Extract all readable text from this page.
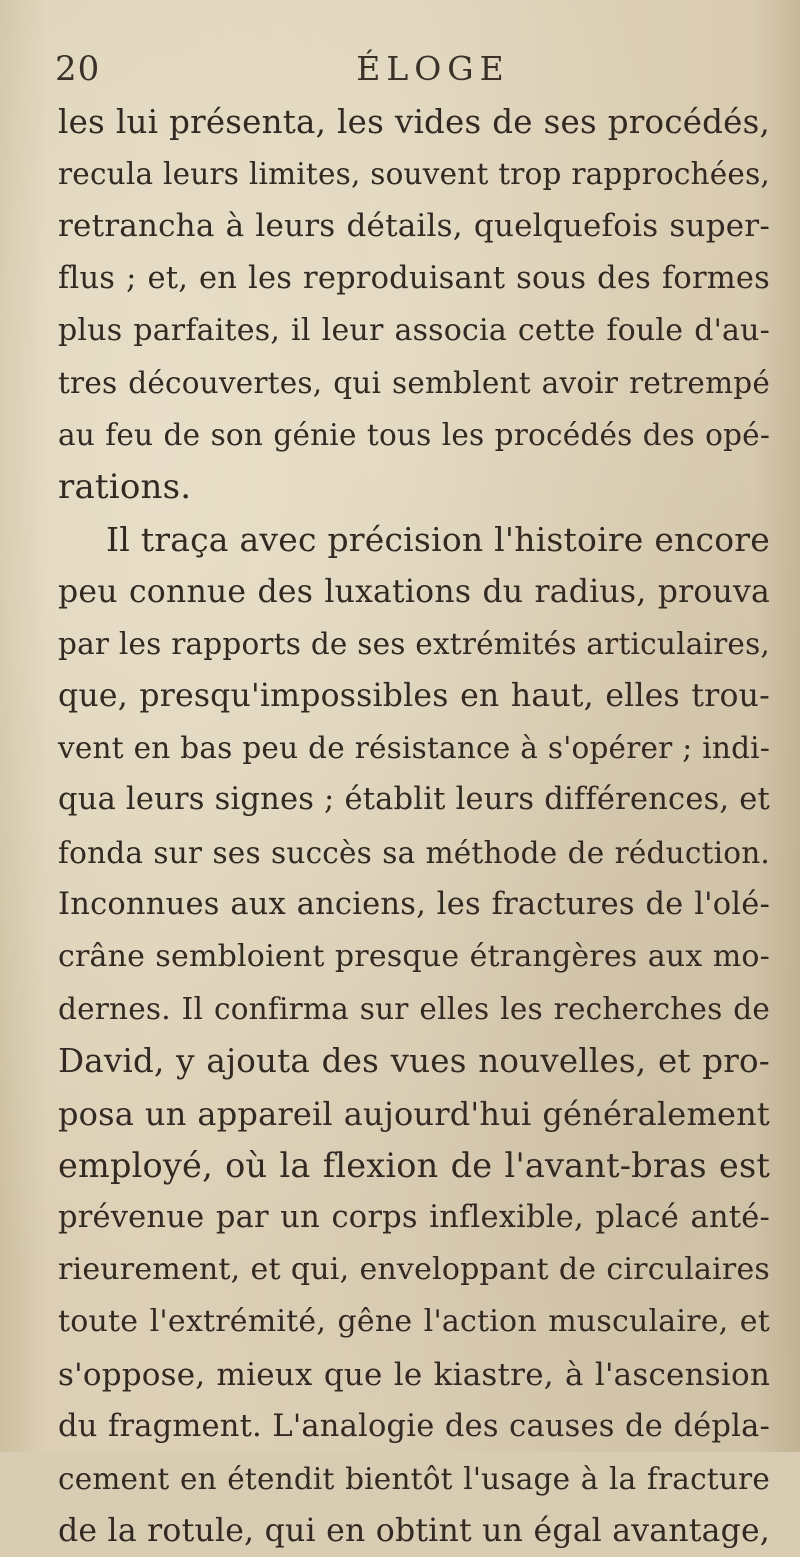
20	ÉLOGE
les lui présenta, les vides de ses procédés,
recula leurs limites, souvent trop rapprochées,
retrancha à leurs détails, quelquefois super-
flus ; et, en les reproduisant sous des formes
plus parfaites, il leur associa cette foule d'au-
tres découvertes, qui semblent avoir retrempé
au feu de son génie tous les procédés des opé-
rations.
Il traça avec précision l'histoire encore
peu connue des luxations du radius, prouva
par les rapports de ses extrémités articulaires,
que, presqu'impossibles en haut, elles trou-
vent en bas peu de résistance à s'opérer ; indi-
qua leurs signes ; établit leurs différences, et
fonda sur ses succès sa méthode de réduction.
Inconnues aux anciens, les fractures de l'olé-
crâne sembloient presque étrangères aux mo-
dernes. Il confirma sur elles les recherches de
David, y ajouta des vues nouvelles, et pro-
posa un appareil aujourd'hui généralement
employé, où la flexion de l'avant-bras est
prévenue par un corps inflexible, placé anté-
rieurement, et qui, enveloppant de circulaires
toute l'extrémité, gêne l'action musculaire, et
s'oppose, mieux que le kiastre, à l'ascension
du fragment. L'analogie des causes de dépla-
cement en étendit bientôt l'usage à la fracture
de la rotule, qui en obtint un égal avantage,
